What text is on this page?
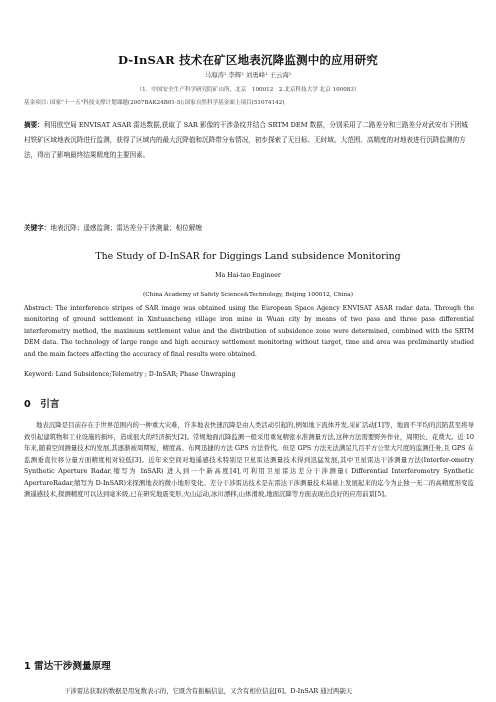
D-InSAR 技术在矿区地表沉降监测中的应用研究
马海涛¹ 李辉² 刘勇峰¹ 王云海¹
（1．中国安全生产科学研究院矿山所，北京　100012　2.北京科技大学 北京 100083）
基金项目: 国家"十一五"科技支撑计划课题(2007BAK24B01-5);国家自然科学基金面上项目(51074142)
摘要：利用欧空局 ENVISAT ASAR 雷达数据,获取了 SAR 影像的干涉条纹并结合 SRTM DEM 数据，分别采用了二路差分和三路差分对武安市下团城村铁矿区域地表沉降进行监测，获得了区域内的最大沉降值和沉降带分布情况，初步探索了无目标、无时域、大范围、高精度的对地表进行沉降监测的方法，得出了影响最终结果精度的主要因素。
关键字：地表沉降；遥感监测；雷达差分干涉测量；相位解缠
The Study of D-InSAR for Diggings Land subsidence Monitoring
Ma Hai-tao Engineer
(China Academy of Safety Science&Technology, Beijing 100012, China)
Abstract: The interference stripes of SAR image was obtained using the European Space Agency ENVISAT ASAR radar data. Through the monitoring of ground settlement in Xintuancheng village iron mine in Wuan city by means of two pass and three pass differential interferometry method, the maximum settlement value and the distribution of subsidence zone were determined, combined with the SRTM DEM data. The technology of large range and high accuracy settlement monitoring without target, time and area was preliminarily studied and the main factors affecting the accuracy of final results were obtained.
Keyword: Land Subsidence;Telemetry ; D-InSAR; Phase Unwraping
0　引言
地表沉降是目前存在于世界范围内的一种重大灾难，许多地表快速沉降是由人类活动引起的,例如地下流体开发,采矿活动[1]等，地面不平均的沉陷甚至将导致引起建筑物和工业设施的损坏，造成很大的经济损失[2]。常规地面沉降监测一般采用重复精密水准测量方法,这种方法需要野外作业，周期长、花费大。近 10 年来,随着空间测量技术的发展,其逐渐被周期短、精度高、布网迅捷的方法 GPS 方法替代。但是 GPS 方法无法满足几百平方公里大尺度的监测任务,且 GPS 在监测垂直位移分量方面精度相对较低[3]。近年来空间对地遥感技术特别是卫星雷达测量技术得到迅猛发展,其中卫星雷达干涉测量方法(Interfer-ometry Synthetic Aperture Radar,缩写为 InSAR) 进入到一个新高度[4],可利用卫星雷达差分干涉测量( Differential Interferometry Synthetic ApertureRadar,缩写为 D-InSAR)来探测地表的微小地形变化。差分干涉雷达技术是在雷达干涉测量技术基础上发展起来的迄今为止独一无二的高精度形变监测遥感技术,探测精度可以达到毫米级,已在研究地震变形,火山运动,冰川漂移,山体滑坡,地面沉降等方面表现出良好的应用前景[5]。
1 雷达干涉测量原理
干涉雷达获取的数据是用复数表示的，它既含有振幅信息，又含有相位信息[6]。D-InSAR 通过两副天
